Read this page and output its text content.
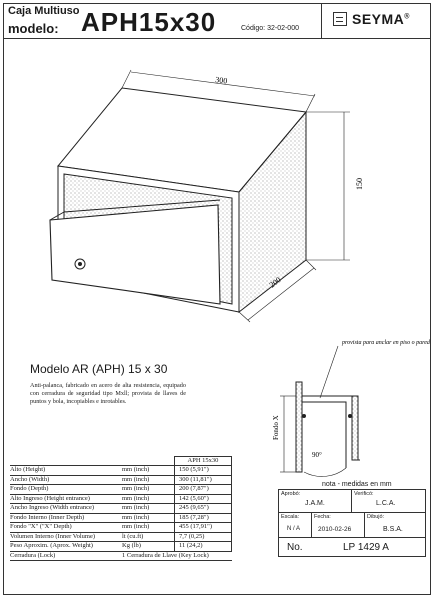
Caja Multiuso
modelo: APH15x30	Código: 32-02-000
SEYMA®
300
150
200
Modelo AR (APH) 15 x 30
Anti-palanca, fabricado en acero de alta resistencia, equipado con cerradura de seguridad tipo Mxll; provista de llaves de puntos y bola, incopiables e inrotables.
APH 15x30
Alto (Height)	mm (inch)	150 (5,91")
Ancho (Width)	mm (inch)	300 (11,81")
Fondo (Depth)	mm (inch)	200 (7,87")
Alto Ingreso (Height entrance)	mm (inch)	142 (5,60")
Ancho Ingreso (Width entrance)	mm (inch)	245 (9,65")
Fondo Interno (Inner Depth)	mm (inch)	185 (7,28")
Fondo "X" ("X" Depth)	mm (inch)	455 (17,91")
Volumen Interno (Inner Volume)	lt (cu.ft)	7,7 (0,25)
Peso Aproxim. (Aprox. Weight)	Kg (lb)	11 (24,2)
Cerradura (Lock)	1 Cerradura de Llave (Key Lock)
provista para anclar en piso o pared
Fondo X
90°
nota - medidas en mm
Aprobó:
J.A.M.
Verificó:
L.C.A.
Escala:
N / A
Fecha:
2010-02-26
Dibujó:
B.S.A.
No.	LP 1429 A
